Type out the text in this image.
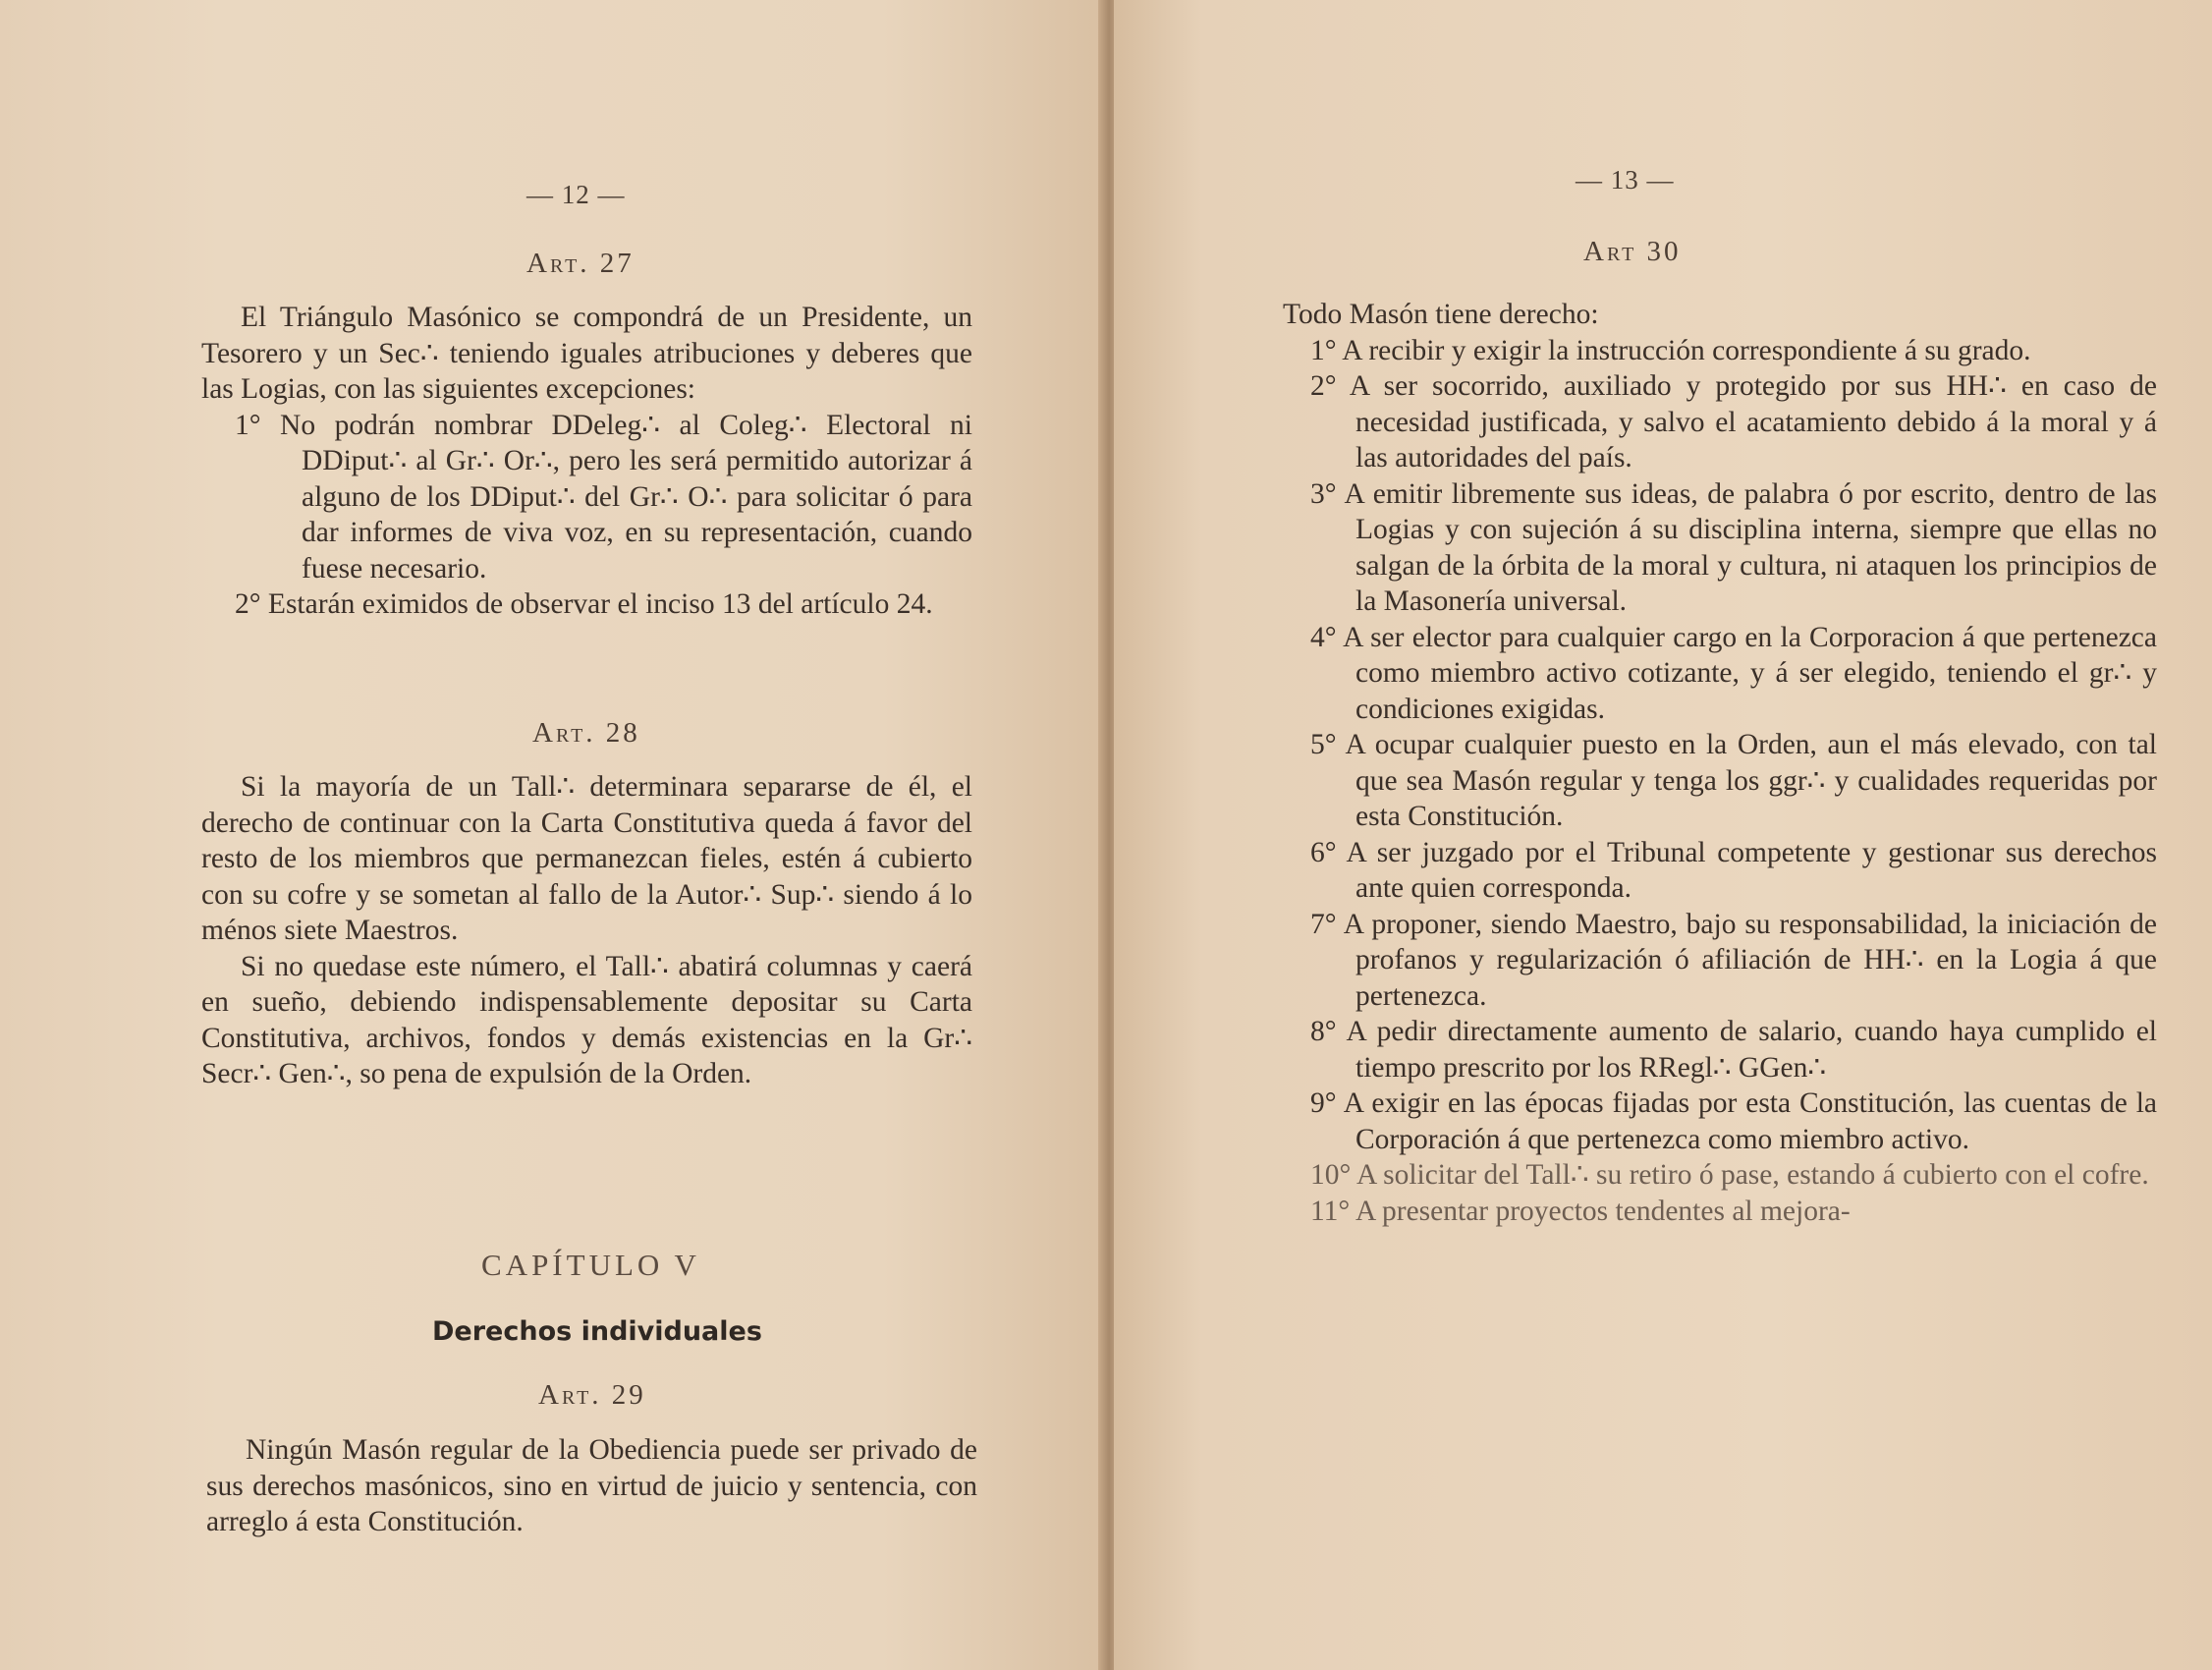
— 12 —
Art. 27

El Triángulo Masónico se compondrá de un Presidente, un Tesorero y un Sec∴ teniendo iguales atribuciones y deberes que las Logias, con las siguientes excepciones:

1° No podrán nombrar DDeleg∴ al Coleg∴ Electoral ni DDiput∴ al Gr∴ Or∴, pero les será permitido autorizar á alguno de los DDiput∴ del Gr∴ O∴ para solicitar ó para dar informes de viva voz, en su representación, cuando fuese necesario.

2° Estarán eximidos de observar el inciso 13 del artículo 24.

Art. 28

Si la mayoría de un Tall∴ determinara separarse de él, el derecho de continuar con la Carta Constitutiva queda á favor del resto de los miembros que permanezcan fieles, estén á cubierto con su cofre y se sometan al fallo de la Autor∴ Sup∴ siendo á lo ménos siete Maestros.

Si no quedase este número, el Tall∴ abatirá columnas y caerá en sueño, debiendo indispensablemente depositar su Carta Constitutiva, archivos, fondos y demás existencias en la Gr∴ Secr∴ Gen∴, so pena de expulsión de la Orden.

CAPÍTULO V
Derechos individuales
Art. 29

Ningún Masón regular de la Obediencia puede ser privado de sus derechos masónicos, sino en virtud de juicio y sentencia, con arreglo á esta Constitución.

— 13 —
Art 30

Todo Masón tiene derecho:

1° A recibir y exigir la instrucción correspondiente á su grado.

2° A ser socorrido, auxiliado y protegido por sus HH∴ en caso de necesidad justificada, y salvo el acatamiento debido á la moral y á las autoridades del país.

3° A emitir libremente sus ideas, de palabra ó por escrito, dentro de las Logias y con sujeción á su disciplina interna, siempre que ellas no salgan de la órbita de la moral y cultura, ni ataquen los principios de la Masonería universal.

4° A ser elector para cualquier cargo en la Corporacion á que pertenezca como miembro activo cotizante, y á ser elegido, teniendo el gr∴ y condiciones exigidas.

5° A ocupar cualquier puesto en la Orden, aun el más elevado, con tal que sea Masón regular y tenga los ggr∴ y cualidades requeridas por esta Constitución.

6° A ser juzgado por el Tribunal competente y gestionar sus derechos ante quien corresponda.

7° A proponer, siendo Maestro, bajo su responsabilidad, la iniciación de profanos y regularización ó afiliación de HH∴ en la Logia á que pertenezca.

8° A pedir directamente aumento de salario, cuando haya cumplido el tiempo prescrito por los RRegl∴ GGen∴

9° A exigir en las épocas fijadas por esta Constitución, las cuentas de la Corporación á que pertenezca como miembro activo.

10° A solicitar del Tall∴ su retiro ó pase, estando á cubierto con el cofre.

11° A presentar proyectos tendentes al mejora-
